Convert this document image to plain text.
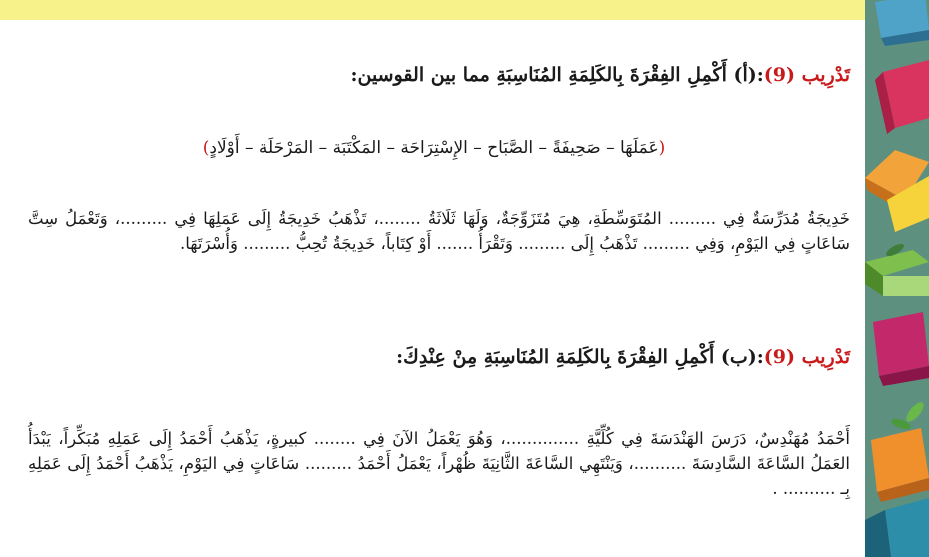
تَدْرِيب (9):(أ) أَكْمِلِ الفِقْرَةَ بِالكَلِمَةِ المُنَاسِبَةِ مما بين القوسين:
(عَمَلَهَا – صَحِيفَةً – الصَّبَاح – الإِسْتِرَاحَة – المَكْتَبَة – المَرْحَلَة – أَوْلَادٍ)
خَدِيجَةُ مُدَرِّسَةٌ فِي ......... المُتَوَسِّطَةِ، هِيَ مُتَزَوِّجَةٌ، وَلَهَا ثَلَاثَةُ ........، تَذْهَبُ خَدِيجَةُ إِلَى عَمَلِهَا فِي .........، وَتَعْمَلُ سِتَّ سَاعَاتٍ فِي اليَوْمِ، وَفِي ......... تَذْهَبُ إِلَى ......... وَتَقْرَأُ ....... أَوْ كِتَاباً، خَدِيجَةُ تُحِبُّ ......... وَأُسْرَتَهَا.
تَدْرِيب (9):(ب) أَكْمِلِ الفِقْرَةَ بِالكَلِمَةِ المُنَاسِبَةِ مِنْ عِنْدِكَ:
أَحْمَدُ مُهَنْدِسٌ، دَرَسَ الهَنْدَسَةَ فِي كُلِّيَّةِ ..............، وَهُوَ يَعْمَلُ الآنَ فِي ........ كبيرةٍ، يَذْهَبُ أَحْمَدُ إِلَى عَمَلِهِ مُبَكِّراً، يَبْدَأُ العَمَلُ السَّاعَةَ السَّادِسَةَ ..........، وَيَنْتَهِي السَّاعَةَ الثَّانِيَةَ ظُهْراً، يَعْمَلُ أَحْمَدُ ......... سَاعَاتٍ فِي اليَوْمِ، يَذْهَبُ أَحْمَدُ إِلَى عَمَلِهِ بِـ .......... .
